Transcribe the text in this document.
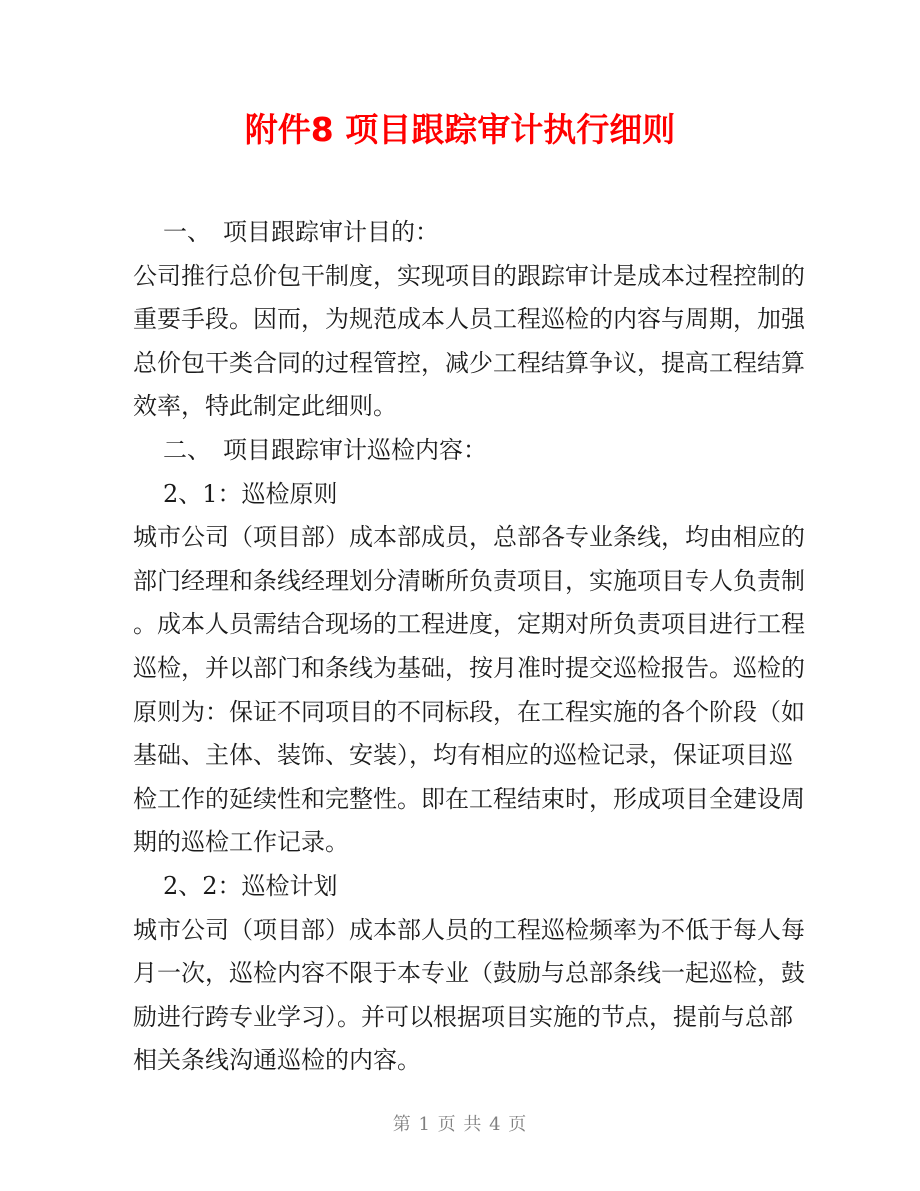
附件8 项目跟踪审计执行细则
一、　项目跟踪审计目的：
公司推行总价包干制度，实现项目的跟踪审计是成本过程控制的
重要手段。因而，为规范成本人员工程巡检的内容与周期，加强
总价包干类合同的过程管控，减少工程结算争议，提高工程结算
效率，特此制定此细则。
二、　项目跟踪审计巡检内容：
2、1：巡检原则
城市公司（项目部）成本部成员，总部各专业条线，均由相应的
部门经理和条线经理划分清晰所负责项目，实施项目专人负责制
。成本人员需结合现场的工程进度，定期对所负责项目进行工程
巡检，并以部门和条线为基础，按月准时提交巡检报告。巡检的
原则为：保证不同项目的不同标段，在工程实施的各个阶段（如
基础、主体、装饰、安装），均有相应的巡检记录，保证项目巡
检工作的延续性和完整性。即在工程结束时，形成项目全建设周
期的巡检工作记录。
2、2：巡检计划
城市公司（项目部）成本部人员的工程巡检频率为不低于每人每
月一次，巡检内容不限于本专业（鼓励与总部条线一起巡检，鼓
励进行跨专业学习）。并可以根据项目实施的节点，提前与总部
相关条线沟通巡检的内容。
第 1 页 共 4 页
